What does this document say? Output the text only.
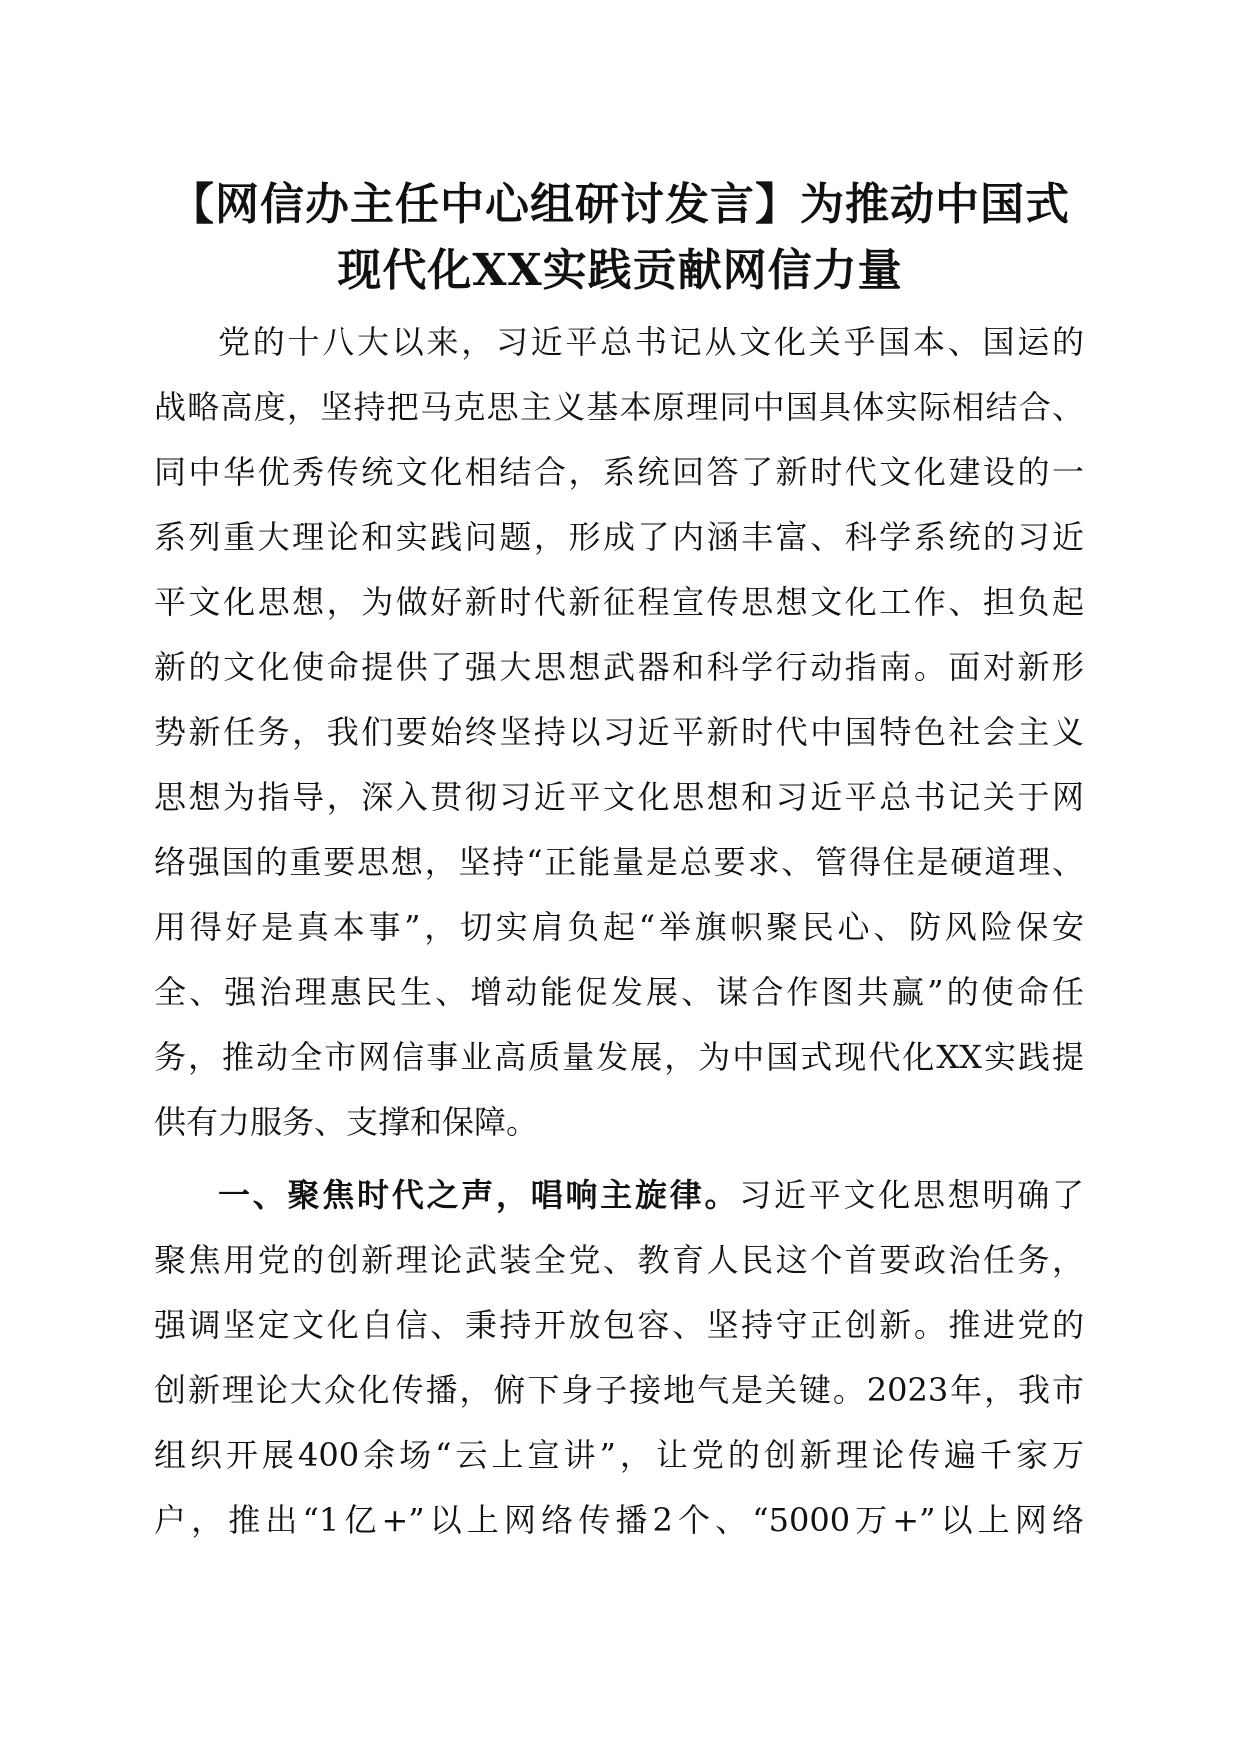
【网信办主任中心组研讨发言】为推动中国式
现代化XX实践贡献网信力量
党的十八大以来，习近平总书记从文化关乎国本、国运的
战略高度，坚持把马克思主义基本原理同中国具体实际相结合、
同中华优秀传统文化相结合，系统回答了新时代文化建设的一
系列重大理论和实践问题，形成了内涵丰富、科学系统的习近
平文化思想，为做好新时代新征程宣传思想文化工作、担负起
新的文化使命提供了强大思想武器和科学行动指南。面对新形
势新任务，我们要始终坚持以习近平新时代中国特色社会主义
思想为指导，深入贯彻习近平文化思想和习近平总书记关于网
络强国的重要思想，坚持“正能量是总要求、管得住是硬道理、
用得好是真本事”，切实肩负起“举旗帜聚民心、防风险保安
全、强治理惠民生、增动能促发展、谋合作图共赢”的使命任
务，推动全市网信事业高质量发展，为中国式现代化XX实践提
供有力服务、支撑和保障。
一、聚焦时代之声，唱响主旋律。习近平文化思想明确了
聚焦用党的创新理论武装全党、教育人民这个首要政治任务，
强调坚定文化自信、秉持开放包容、坚持守正创新。推进党的
创新理论大众化传播，俯下身子接地气是关键。2023年，我市
组织开展400余场“云上宣讲”，让党的创新理论传遍千家万
户，推出“1亿+”以上网络传播2个、“5000万+”以上网络
